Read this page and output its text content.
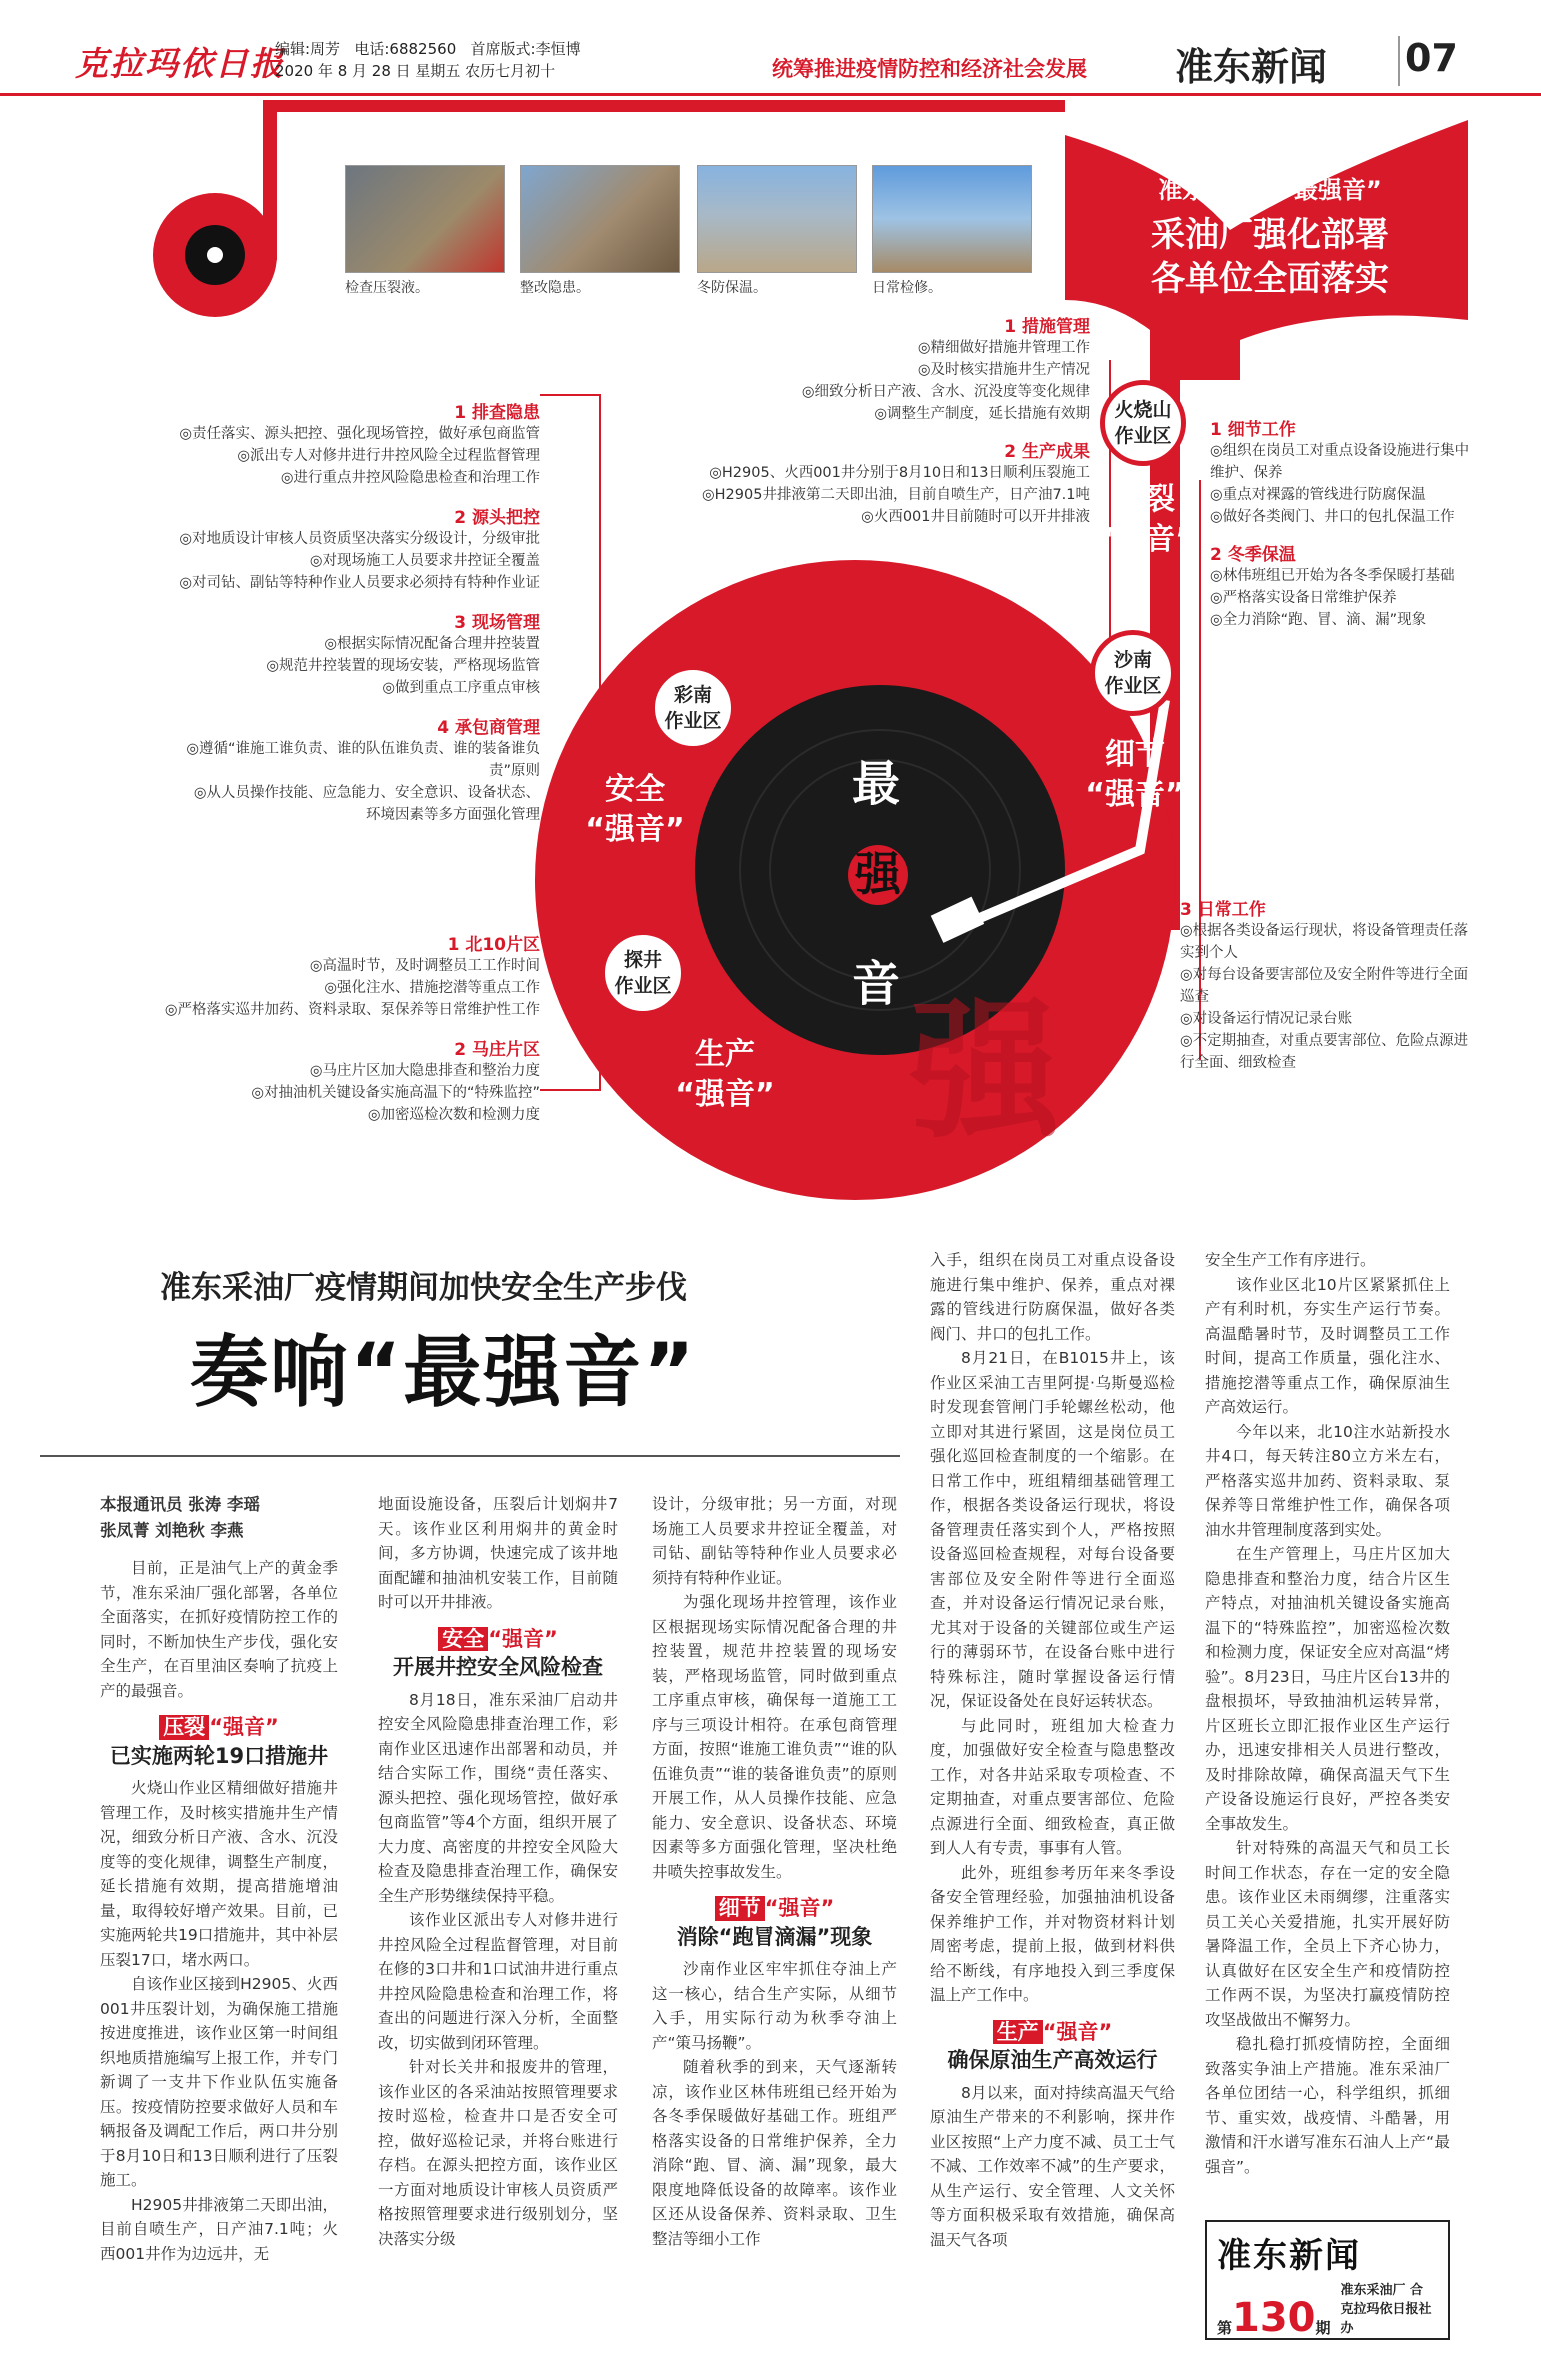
克拉玛依日报
编辑:周芳 电话:6882560 首席版式:李恒博
2020 年 8 月 28 日 星期五 农历七月初十	统筹推进疫情防控和经济社会发展 准东新闻 07
最强音
检查压裂液。	整改隐患。	冬防保温。	日常检修。
准东采油厂“最强音”
采油厂强化部署
各单位全面落实
最
强
音
强
火烧山
作业区
压裂
“强音”
沙南
作业区
细节
“强音”
彩南
作业区
安全
“强音”
探井
作业区
生产
“强音”
1 排查隐患
◎责任落实、源头把控、强化现场管控，做好承包商监管
◎派出专人对修井进行井控风险全过程监督管理
◎进行重点井控风险隐患检查和治理工作
2 源头把控
◎对地质设计审核人员资质坚决落实分级设计，分级审批
◎对现场施工人员要求井控证全覆盖
◎对司钻、副钻等特种作业人员要求必须持有特种作业证
3 现场管理
◎根据实际情况配备合理井控装置
◎规范井控装置的现场安装，严格现场监管
◎做到重点工序重点审核
4 承包商管理
◎遵循“谁施工谁负责、谁的队伍谁负责、谁的装备谁负责”原则
◎从人员操作技能、应急能力、安全意识、设备状态、环境因素等多方面强化管理
1 北10片区
◎高温时节，及时调整员工工作时间
◎强化注水、措施挖潜等重点工作
◎严格落实巡井加药、资料录取、泵保养等日常维护性工作
2 马庄片区
◎马庄片区加大隐患排查和整治力度
◎对抽油机关键设备实施高温下的“特殊监控”
◎加密巡检次数和检测力度
1 措施管理
◎精细做好措施井管理工作
◎及时核实措施井生产情况
◎细致分析日产液、含水、沉没度等变化规律
◎调整生产制度，延长措施有效期
2 生产成果
◎H2905、火西001井分别于8月10日和13日顺利压裂施工
◎H2905井排液第二天即出油，目前自喷生产，日产油7.1吨
◎火西001井目前随时可以开井排液
1 细节工作
◎组织在岗员工对重点设备设施进行集中维护、保养
◎重点对裸露的管线进行防腐保温
◎做好各类阀门、井口的包扎保温工作
2 冬季保温
◎林伟班组已开始为各冬季保暖打基础
◎严格落实设备日常维护保养
◎全力消除“跑、冒、滴、漏”现象
3 日常工作
◎根据各类设备运行现状，将设备管理责任落实到个人
◎对每台设备要害部位及安全附件等进行全面巡查
◎对设备运行情况记录台账
◎不定期抽查，对重点要害部位、危险点源进行全面、细致检查
准东采油厂疫情期间加快安全生产步伐
奏响“最强音”
本报通讯员 张涛 李瑶
张凤菁 刘艳秋 李燕

目前，正是油气上产的黄金季节，准东采油厂强化部署，各单位全面落实，在抓好疫情防控工作的同时，不断加快生产步伐，强化安全生产，在百里油区奏响了抗疫上产的最强音。

压裂 “强音”
已实施两轮19口措施井

火烧山作业区精细做好措施井管理工作，及时核实措施井生产情况，细致分析日产液、含水、沉没度等的变化规律，调整生产制度，延长措施有效期，提高措施增油量，取得较好增产效果。目前，已实施两轮共19口措施井，其中补层压裂17口，堵水两口。

自该作业区接到H2905、火西001井压裂计划，为确保施工措施按进度推进，该作业区第一时间组织地质措施编写上报工作，并专门新调了一支井下作业队伍实施备压。按疫情防控要求做好人员和车辆报备及调配工作后，两口井分别于8月10日和13日顺利进行了压裂施工。

H2905井排液第二天即出油，目前自喷生产，日产油7.1吨；火西001井作为边远井，无

地面设施设备，压裂后计划焖井7天。该作业区利用焖井的黄金时间，多方协调，快速完成了该井地面配罐和抽油机安装工作，目前随时可以开井排液。

安全 “强音”
开展井控安全风险检查

8月18日，准东采油厂启动井控安全风险隐患排查治理工作，彩南作业区迅速作出部署和动员，并结合实际工作，围绕“责任落实、源头把控、强化现场管控，做好承包商监管”等4个方面，组织开展了大力度、高密度的井控安全风险大检查及隐患排查治理工作，确保安全生产形势继续保持平稳。

该作业区派出专人对修井进行井控风险全过程监督管理，对目前在修的3口井和1口试油井进行重点井控风险隐患检查和治理工作，将查出的问题进行深入分析，全面整改，切实做到闭环管理。

针对长关井和报废井的管理，该作业区的各采油站按照管理要求按时巡检，检查井口是否安全可控，做好巡检记录，并将台账进行存档。在源头把控方面，该作业区一方面对地质设计审核人员资质严格按照管理要求进行级别划分，坚决落实分级

设计，分级审批；另一方面，对现场施工人员要求井控证全覆盖，对司钻、副钻等特种作业人员要求必须持有特种作业证。

为强化现场井控管理，该作业区根据现场实际情况配备合理的井控装置，规范井控装置的现场安装，严格现场监管，同时做到重点工序重点审核，确保每一道施工工序与三项设计相符。在承包商管理方面，按照“谁施工谁负责”“谁的队伍谁负责”“谁的装备谁负责”的原则开展工作，从人员操作技能、应急能力、安全意识、设备状态、环境因素等多方面强化管理，坚决杜绝井喷失控事故发生。

细节 “强音”
消除“跑冒滴漏”现象

沙南作业区牢牢抓住夺油上产这一核心，结合生产实际，从细节入手，用实际行动为秋季夺油上产“策马扬鞭”。

随着秋季的到来，天气逐渐转凉，该作业区林伟班组已经开始为各冬季保暖做好基础工作。班组严格落实设备的日常维护保养，全力消除“跑、冒、滴、漏”现象，最大限度地降低设备的故障率。该作业区还从设备保养、资料录取、卫生整洁等细小工作

入手，组织在岗员工对重点设备设施进行集中维护、保养，重点对裸露的管线进行防腐保温，做好各类阀门、井口的包扎工作。

8月21日，在B1015井上，该作业区采油工吉里阿提·乌斯曼巡检时发现套管闸门手轮螺丝松动，他立即对其进行紧固，这是岗位员工强化巡回检查制度的一个缩影。在日常工作中，班组精细基础管理工作，根据各类设备运行现状，将设备管理责任落实到个人，严格按照设备巡回检查规程，对每台设备要害部位及安全附件等进行全面巡查，并对设备运行情况记录台账，尤其对于设备的关键部位或生产运行的薄弱环节，在设备台账中进行特殊标注，随时掌握设备运行情况，保证设备处在良好运转状态。

与此同时，班组加大检查力度，加强做好安全检查与隐患整改工作，对各井站采取专项检查、不定期抽查，对重点要害部位、危险点源进行全面、细致检查，真正做到人人有专责，事事有人管。

此外，班组参考历年来冬季设备安全管理经验，加强抽油机设备保养维护工作，并对物资材料计划周密考虑，提前上报，做到材料供给不断线，有序地投入到三季度保温上产工作中。

生产 “强音”
确保原油生产高效运行

8月以来，面对持续高温天气给原油生产带来的不利影响，探井作业区按照“上产力度不减、员工士气不减、工作效率不减”的生产要求，从生产运行、安全管理、人文关怀等方面积极采取有效措施，确保高温天气各项

安全生产工作有序进行。

该作业区北10片区紧紧抓住上产有利时机，夯实生产运行节奏。高温酷暑时节，及时调整员工工作时间，提高工作质量，强化注水、措施挖潜等重点工作，确保原油生产高效运行。

今年以来，北10注水站新投水井4口，每天转注80立方米左右，严格落实巡井加药、资料录取、泵保养等日常维护性工作，确保各项油水井管理制度落到实处。

在生产管理上，马庄片区加大隐患排查和整治力度，结合片区生产特点，对抽油机关键设备实施高温下的“特殊监控”，加密巡检次数和检测力度，保证安全应对高温“烤验”。8月23日，马庄片区台13井的盘根损坏，导致抽油机运转异常，片区班长立即汇报作业区生产运行办，迅速安排相关人员进行整改，及时排除故障，确保高温天气下生产设备设施运行良好，严控各类安全事故发生。

针对特殊的高温天气和员工长时间工作状态，存在一定的安全隐患。该作业区未雨绸缪，注重落实员工关心关爱措施，扎实开展好防暑降温工作，全员上下齐心协力，认真做好在区安全生产和疫情防控工作两不误，为坚决打赢疫情防控攻坚战做出不懈努力。

稳扎稳打抓疫情防控，全面细致落实争油上产措施。准东采油厂各单位团结一心，科学组织，抓细节、重实效，战疫情、斗酷暑，用激情和汗水谱写准东石油人上产“最强音”。

准东新闻
第 130 期
准东采油厂 合
克拉玛依日报社 办
